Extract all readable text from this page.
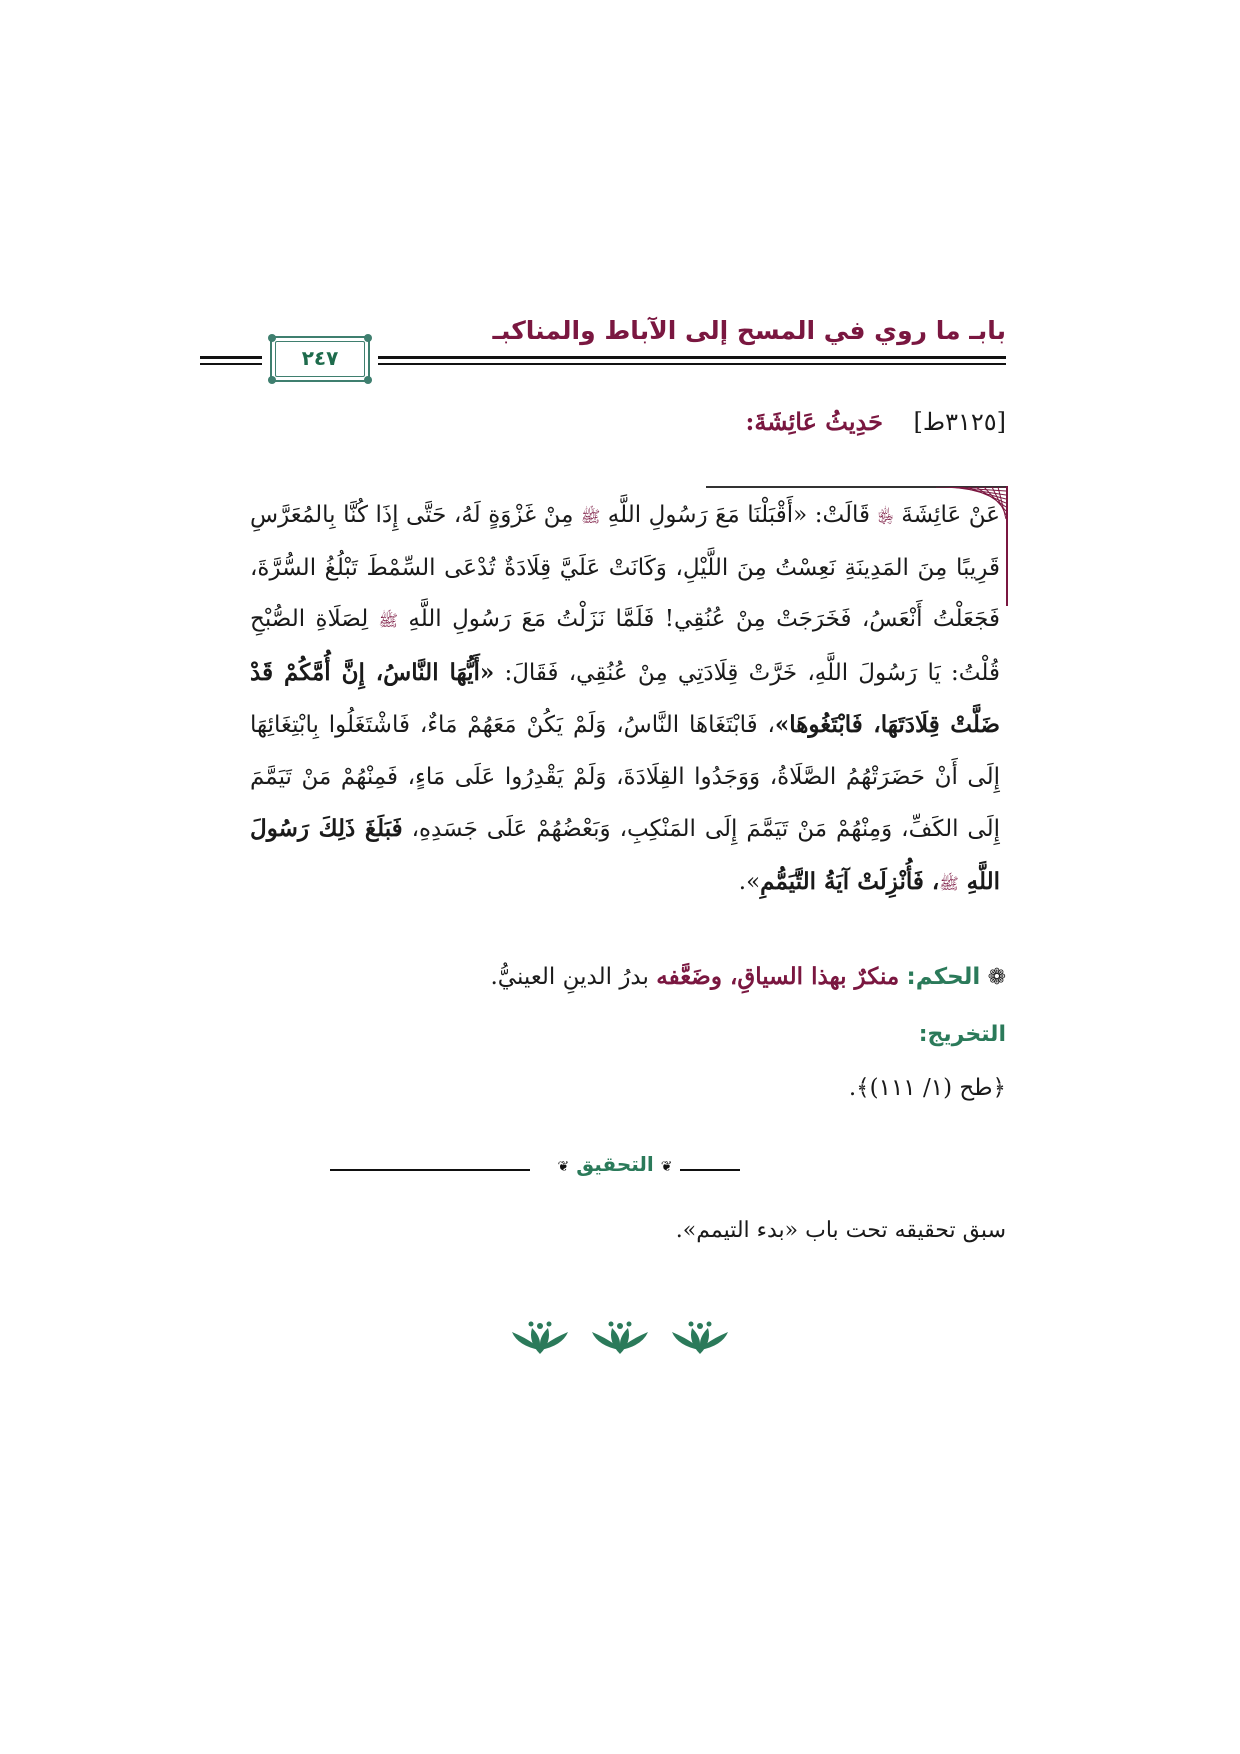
بابـ ما روي في المسح إلى الآباط والمناكبـ
٢٤٧
[٣١٢٥ط]    حَدِيثُ عَائِشَةَ:
عَنْ عَائِشَةَ ﵂ قَالَتْ: «أَقْبَلْنَا مَعَ رَسُولِ اللَّهِ ﷺ مِنْ غَزْوَةٍ لَهُ، حَتَّى إِذَا كُنَّا بِالمُعَرَّسِ قَرِيبًا مِنَ المَدِينَةِ نَعِسْتُ مِنَ اللَّيْلِ، وَكَانَتْ عَلَيَّ قِلَادَةٌ تُدْعَى السِّمْطَ تَبْلُغُ السُّرَّةَ، فَجَعَلْتُ أَنْعَسُ، فَخَرَجَتْ مِنْ عُنُقِي! فَلَمَّا نَزَلْتُ مَعَ رَسُولِ اللَّهِ ﷺ لِصَلَاةِ الصُّبْحِ قُلْتُ: يَا رَسُولَ اللَّهِ، خَرَّتْ قِلَادَتِي مِنْ عُنُقِي، فَقَالَ: «أَيُّهَا النَّاسُ، إِنَّ أُمَّكُمْ قَدْ ضَلَّتْ قِلَادَتَهَا، فَابْتَغُوهَا»، فَابْتَغَاهَا النَّاسُ، وَلَمْ يَكُنْ مَعَهُمْ مَاءٌ، فَاشْتَغَلُوا بِابْتِغَائِهَا إِلَى أَنْ حَضَرَتْهُمُ الصَّلَاةُ، وَوَجَدُوا القِلَادَةَ، وَلَمْ يَقْدِرُوا عَلَى مَاءٍ، فَمِنْهُمْ مَنْ تَيَمَّمَ إِلَى الكَفِّ، وَمِنْهُمْ مَنْ تَيَمَّمَ إِلَى المَنْكِبِ، وَبَعْضُهُمْ عَلَى جَسَدِهِ، فَبَلَغَ ذَلِكَ رَسُولَ اللَّهِ ﷺ، فَأُنْزِلَتْ آيَةُ التَّيَمُّمِ».
❁ الحكم: منكرٌ بهذا السياقِ، وضَعَّفه بدرُ الدينِ العينيُّ.
التخريج:
﴿طح (١/ ١١١)﴾.
❦ التحقيق ❦
سبق تحقيقه تحت باب «بدء التيمم».
